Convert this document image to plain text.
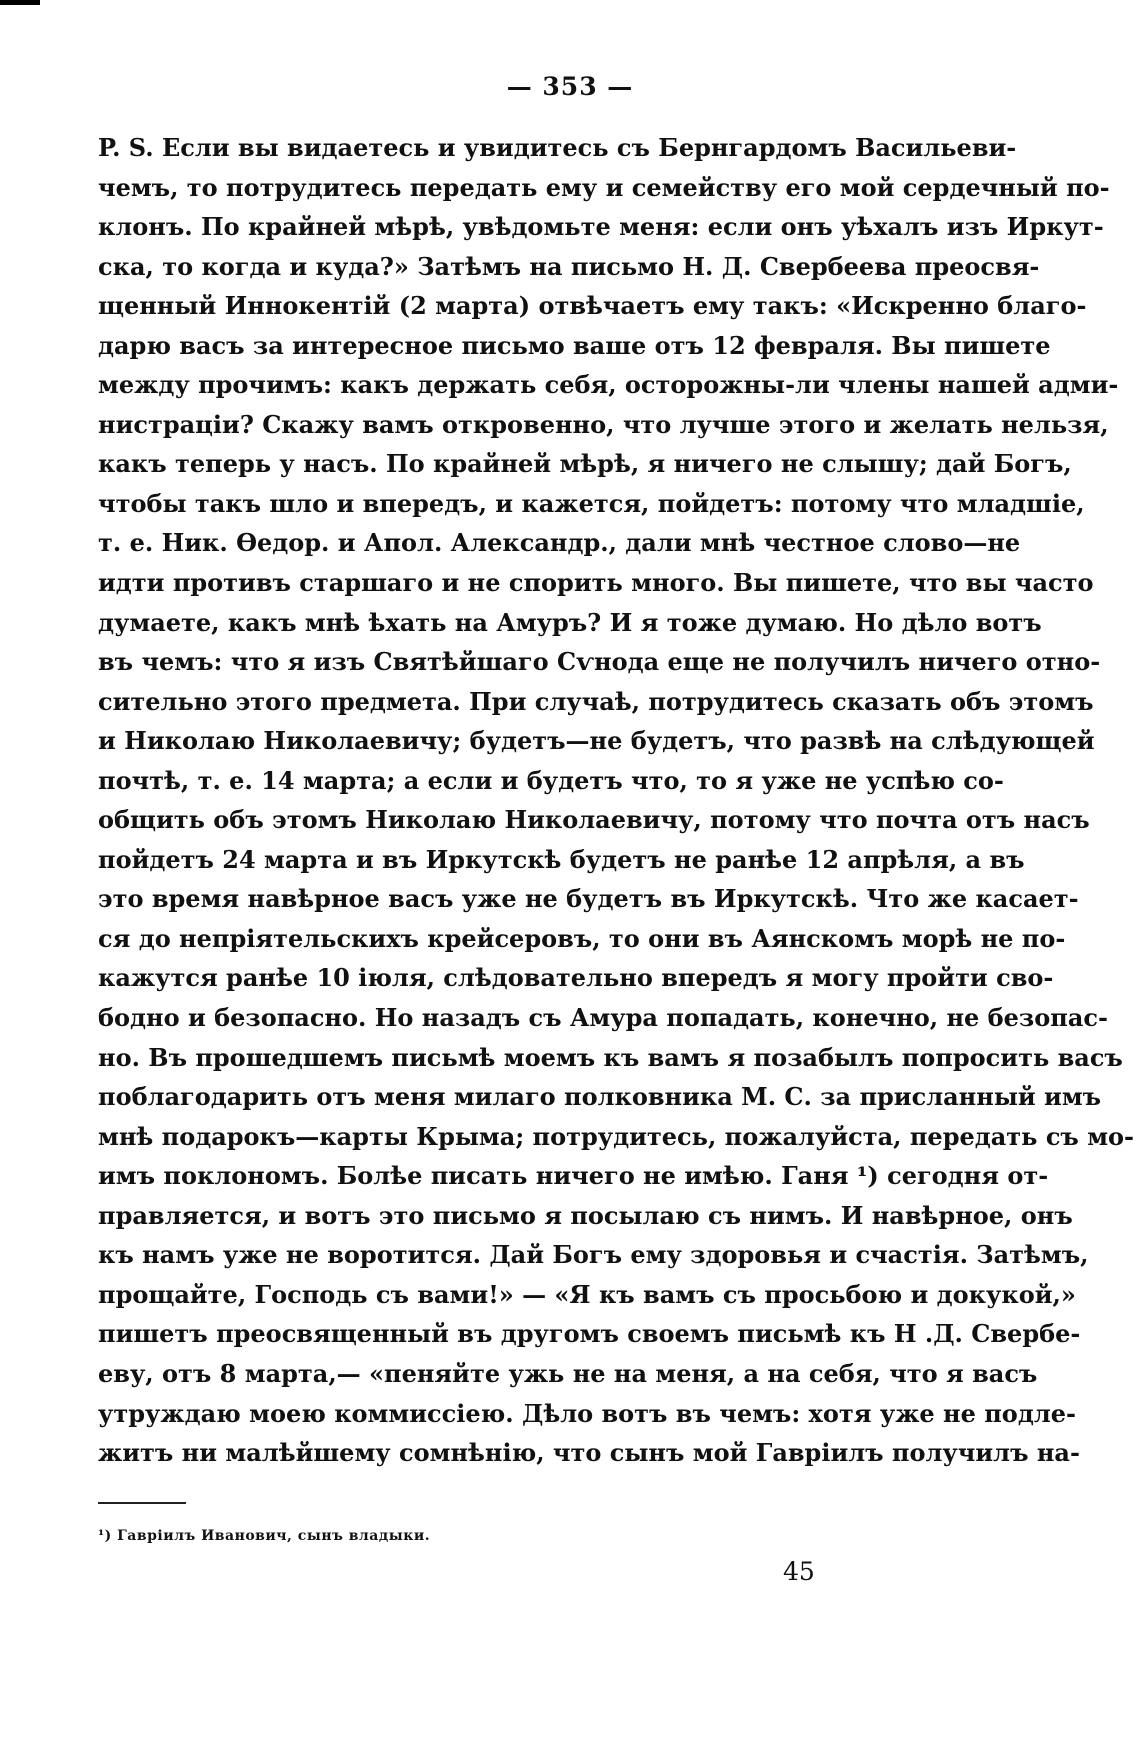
— 353 —
P. S. Если вы видаетесь и увидитесь съ Бернгардомъ Васильеви-
чемъ, то потрудитесь передать ему и семейству его мой сердечный по-
клонъ. По крайней мѣрѣ, увѣдомьте меня: если онъ уѣхалъ изъ Иркут-
ска, то когда и куда?» Затѣмъ на письмо Н. Д. Свербеева преосвя-
щенный Иннокентій (2 марта) отвѣчаетъ ему такъ: «Искренно благо-
дарю васъ за интересное письмо ваше отъ 12 февраля. Вы пишете
между прочимъ: какъ держать себя, осторожны-ли члены нашей адми-
нистраціи? Скажу вамъ откровенно, что лучше этого и желать нельзя,
какъ теперь у насъ. По крайней мѣрѣ, я ничего не слышу; дай Богъ,
чтобы такъ шло и впередъ, и кажется, пойдетъ: потому что младшіе,
т. е. Ник. Өедор. и Апол. Александр., дали мнѣ честное слово—не
идти противъ старшаго и не спорить много. Вы пишете, что вы часто
думаете, какъ мнѣ ѣхать на Амуръ? И я тоже думаю. Но дѣло вотъ
въ чемъ: что я изъ Святѣйшаго Сѵнода еще не получилъ ничего отно-
сительно этого предмета. При случаѣ, потрудитесь сказать объ этомъ
и Николаю Николаевичу; будетъ—не будетъ, что развѣ на слѣдующей
почтѣ, т. е. 14 марта; а если и будетъ что, то я уже не успѣю со-
общить объ этомъ Николаю Николаевичу, потому что почта отъ насъ
пойдетъ 24 марта и въ Иркутскѣ будетъ не ранѣе 12 апрѣля, а въ
это время навѣрное васъ уже не будетъ въ Иркутскѣ. Что же касает-
ся до непріятельскихъ крейсеровъ, то они въ Аянскомъ морѣ не по-
кажутся ранѣе 10 іюля, слѣдовательно впередъ я могу пройти сво-
бодно и безопасно. Но назадъ съ Амура попадать, конечно, не безопас-
но. Въ прошедшемъ письмѣ моемъ къ вамъ я позабылъ попросить васъ
поблагодарить отъ меня милаго полковника М. С. за присланный имъ
мнѣ подарокъ—карты Крыма; потрудитесь, пожалуйста, передать съ мо-
имъ поклономъ. Болѣе писать ничего не имѣю. Ганя ¹) сегодня от-
правляется, и вотъ это письмо я посылаю съ нимъ. И навѣрное, онъ
къ намъ уже не воротится. Дай Богъ ему здоровья и счастія. Затѣмъ,
прощайте, Господь съ вами!» — «Я къ вамъ съ просьбою и докукой,»
пишетъ преосвященный въ другомъ своемъ письмѣ къ Н .Д. Свербе-
еву, отъ 8 марта,— «пеняйте ужь не на меня, а на себя, что я васъ
утруждаю моею коммиссіею. Дѣло вотъ въ чемъ: хотя уже не подле-
житъ ни малѣйшему сомнѣнію, что сынъ мой Гавріилъ получилъ на-
¹) Гавріилъ Иванович, сынъ владыки.
45
